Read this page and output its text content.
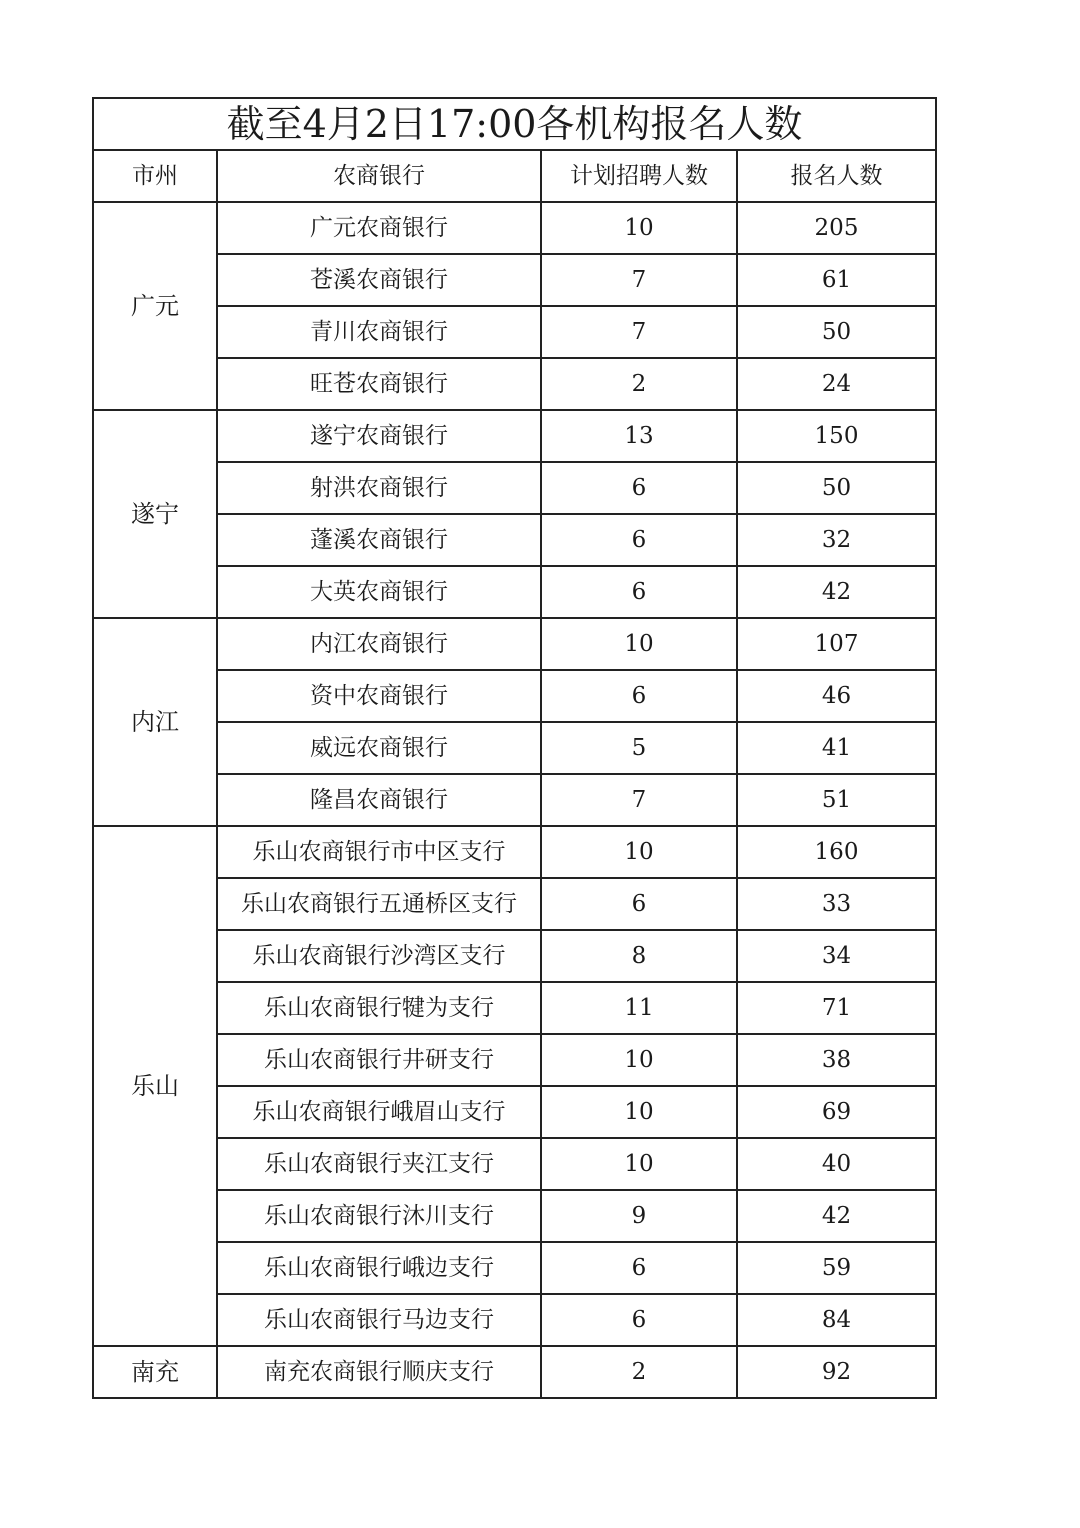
截至4月2日17:00各机构报名人数			
市州	农商银行	计划招聘人数	报名人数
广元	广元农商银行	10	205
	苍溪农商银行	7	61
	青川农商银行	7	50
	旺苍农商银行	2	24
遂宁	遂宁农商银行	13	150
	射洪农商银行	6	50
	蓬溪农商银行	6	32
	大英农商银行	6	42
内江	内江农商银行	10	107
	资中农商银行	6	46
	威远农商银行	5	41
	隆昌农商银行	7	51
乐山	乐山农商银行市中区支行	10	160
	乐山农商银行五通桥区支行	6	33
	乐山农商银行沙湾区支行	8	34
	乐山农商银行犍为支行	11	71
	乐山农商银行井研支行	10	38
	乐山农商银行峨眉山支行	10	69
	乐山农商银行夹江支行	10	40
	乐山农商银行沐川支行	9	42
	乐山农商银行峨边支行	6	59
	乐山农商银行马边支行	6	84
南充	南充农商银行顺庆支行	2	92
